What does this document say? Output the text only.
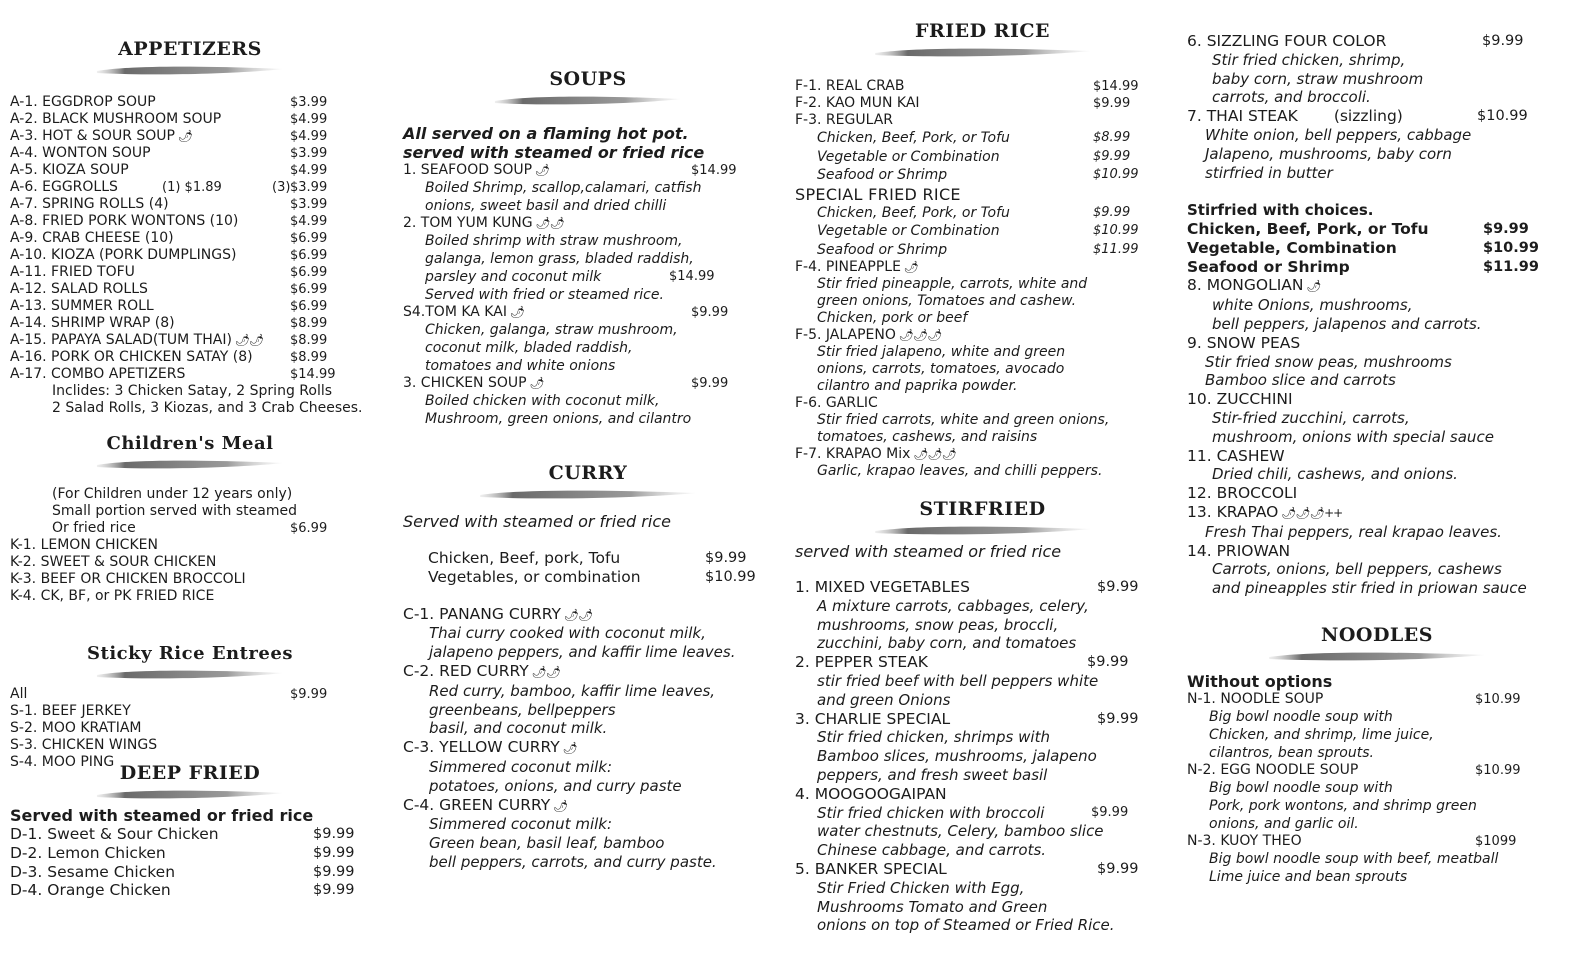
APPETIZERS
A-1. EGGDROP SOUP	$3.99
A-2. BLACK MUSHROOM SOUP	$4.99
A-3. HOT & SOUR SOUP 🌶	$4.99
A-4. WONTON SOUP	$3.99
A-5. KIOZA SOUP	$4.99
A-6. EGGROLLS	(1) $1.89	(3) $3.99
A-7. SPRING ROLLS (4)	$3.99
A-8. FRIED PORK WONTONS (10)	$4.99
A-9. CRAB CHEESE (10)	$6.99
A-10. KIOZA (PORK DUMPLINGS)	$6.99
A-11. FRIED TOFU	$6.99
A-12. SALAD ROLLS	$6.99
A-13. SUMMER ROLL	$6.99
A-14. SHRIMP WRAP (8)	$8.99
A-15. PAPAYA SALAD(TUM THAI) 🌶🌶 $8.99
A-16. PORK OR CHICKEN SATAY (8)	$8.99
A-17. COMBO APETIZERS	$14.99
Inclides: 3 Chicken Satay, 2 Spring Rolls
2 Salad Rolls, 3 Kiozas, and 3 Crab Cheeses.
Children's Meal
(For Children under 12 years only)
Small portion served with steamed
Or fried rice	$6.99
K-1. LEMON CHICKEN
K-2. SWEET & SOUR CHICKEN
K-3. BEEF OR CHICKEN BROCCOLI
K-4. CK, BF, or PK FRIED RICE
Sticky Rice Entrees
All	$9.99
S-1. BEEF JERKEY
S-2. MOO KRATIAM
S-3. CHICKEN WINGS
S-4. MOO PING DEEP FRIED
Served with steamed or fried rice
D-1. Sweet & Sour Chicken	$9.99
D-2. Lemon Chicken	$9.99
D-3. Sesame Chicken	$9.99
D-4. Orange Chicken	$9.99
SOUPS
All served on a flaming hot pot.
served with steamed or fried rice
1. SEAFOOD SOUP 🌶	$14.99
Boiled Shrimp, scallop,calamari, catfish
onions, sweet basil and dried chilli
2. TOM YUM KUNG 🌶🌶
Boiled shrimp with straw mushroom,
galanga, lemon grass, bladed raddish,
parsley and coconut milk	$14.99
Served with fried or steamed rice.
S4.TOM KA KAI 🌶	$9.99
Chicken, galanga, straw mushroom,
coconut milk, bladed raddish,
tomatoes and white onions
3. CHICKEN SOUP 🌶	$9.99
Boiled chicken with coconut milk,
Mushroom, green onions, and cilantro
CURRY
Served with steamed or fried rice
Chicken, Beef, pork, Tofu	$9.99
Vegetables, or combination	$10.99
C-1. PANANG CURRY 🌶🌶
Thai curry cooked with coconut milk,
jalapeno peppers, and kaffir lime leaves.
C-2. RED CURRY 🌶🌶
Red curry, bamboo, kaffir lime leaves,
greenbeans, bellpeppers
basil, and coconut milk.
C-3. YELLOW CURRY 🌶
Simmered coconut milk:
potatoes, onions, and curry paste
C-4. GREEN CURRY 🌶
Simmered coconut milk:
Green bean, basil leaf, bamboo
bell peppers, carrots, and curry paste.
FRIED RICE
F-1. REAL CRAB	$14.99
F-2. KAO MUN KAI	$9.99
F-3. REGULAR
Chicken, Beef, Pork, or Tofu	$8.99
Vegetable or Combination	$9.99
Seafood or Shrimp	$10.99
SPECIAL FRIED RICE
Chicken, Beef, Pork, or Tofu	$9.99
Vegetable or Combination	$10.99
Seafood or Shrimp	$11.99
F-4. PINEAPPLE 🌶
Stir fried pineapple, carrots, white and
green onions, Tomatoes and cashew.
Chicken, pork or beef
F-5. JALAPENO 🌶🌶🌶
Stir fried jalapeno, white and green
onions, carrots, tomatoes, avocado
cilantro and paprika powder.
F-6. GARLIC
Stir fried carrots, white and green onions,
tomatoes, cashews, and raisins
F-7. KRAPAO Mix 🌶🌶🌶
Garlic, krapao leaves, and chilli peppers.
STIRFRIED
served with steamed or fried rice
1. MIXED VEGETABLES	$9.99
A mixture carrots, cabbages, celery,
mushrooms, snow peas, broccli,
zucchini, baby corn, and tomatoes
2. PEPPER STEAK	$9.99
stir fried beef with bell peppers white
and green Onions
3. CHARLIE SPECIAL	$9.99
Stir fried chicken, shrimps with
Bamboo slices, mushrooms, jalapeno
peppers, and fresh sweet basil
4. MOOGOOGAIPAN
Stir fried chicken with broccoli	$9.99
water chestnuts, Celery, bamboo slice
Chinese cabbage, and carrots.
5. BANKER SPECIAL	$9.99
Stir Fried Chicken with Egg,
Mushrooms Tomato and Green
onions on top of Steamed or Fried Rice.
6. SIZZLING FOUR COLOR	$9.99
Stir fried chicken, shrimp,
baby corn, straw mushroom
carrots, and broccoli.
7. THAI STEAK (sizzling)	$10.99
White onion, bell peppers, cabbage
Jalapeno, mushrooms, baby corn
stirfried in butter
Stirfried with choices.
Chicken, Beef, Pork, or Tofu	$9.99
Vegetable, Combination	$10.99
Seafood or Shrimp	$11.99
8. MONGOLIAN 🌶
white Onions, mushrooms,
bell peppers, jalapenos and carrots.
9. SNOW PEAS
Stir fried snow peas, mushrooms
Bamboo slice and carrots
10. ZUCCHINI
Stir-fried zucchini, carrots,
mushroom, onions with special sauce
11. CASHEW
Dried chili, cashews, and onions.
12. BROCCOLI
13. KRAPAO 🌶🌶🌶++
Fresh Thai peppers, real krapao leaves.
14. PRIOWAN
Carrots, onions, bell peppers, cashews
and pineapples stir fried in priowan sauce
NOODLES
Without options
N-1. NOODLE SOUP	$10.99
Big bowl noodle soup with
Chicken, and shrimp, lime juice,
cilantros, bean sprouts.
N-2. EGG NOODLE SOUP	$10.99
Big bowl noodle soup with
Pork, pork wontons, and shrimp green
onions, and garlic oil.
N-3. KUOY THEO	$1099
Big bowl noodle soup with beef, meatball
Lime juice and bean sprouts
